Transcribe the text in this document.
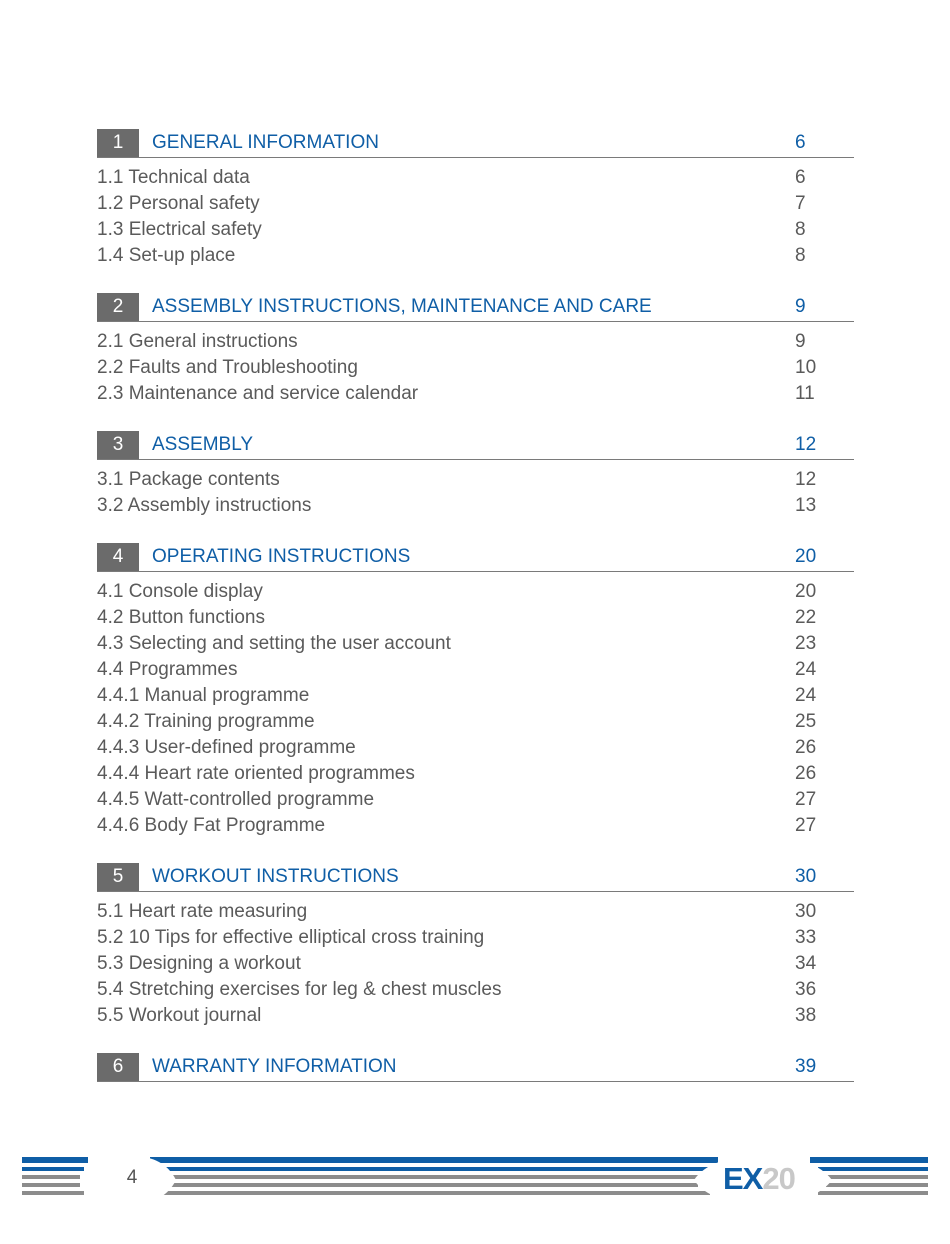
1	GENERAL INFORMATION	6
1.1 Technical data	6
1.2 Personal safety	7
1.3 Electrical safety	8
1.4 Set-up place	8
2	ASSEMBLY INSTRUCTIONS, MAINTENANCE AND CARE	9
2.1 General instructions	9
2.2 Faults and Troubleshooting	10
2.3 Maintenance and service calendar	11
3	ASSEMBLY	12
3.1 Package contents	12
3.2 Assembly instructions	13
4	OPERATING INSTRUCTIONS	20
4.1 Console display	20
4.2 Button functions	22
4.3 Selecting and setting the user account	23
4.4 Programmes	24
4.4.1 Manual programme	24
4.4.2 Training programme	25
4.4.3 User-defined programme	26
4.4.4 Heart rate oriented programmes	26
4.4.5 Watt-controlled programme	27
4.4.6 Body Fat Programme	27
5	WORKOUT INSTRUCTIONS	30
5.1 Heart rate measuring	30
5.2 10 Tips for effective elliptical cross training	33
5.3 Designing a workout	34
5.4 Stretching exercises for leg & chest muscles	36
5.5 Workout journal	38
6	WARRANTY INFORMATION	39
4	EX20
